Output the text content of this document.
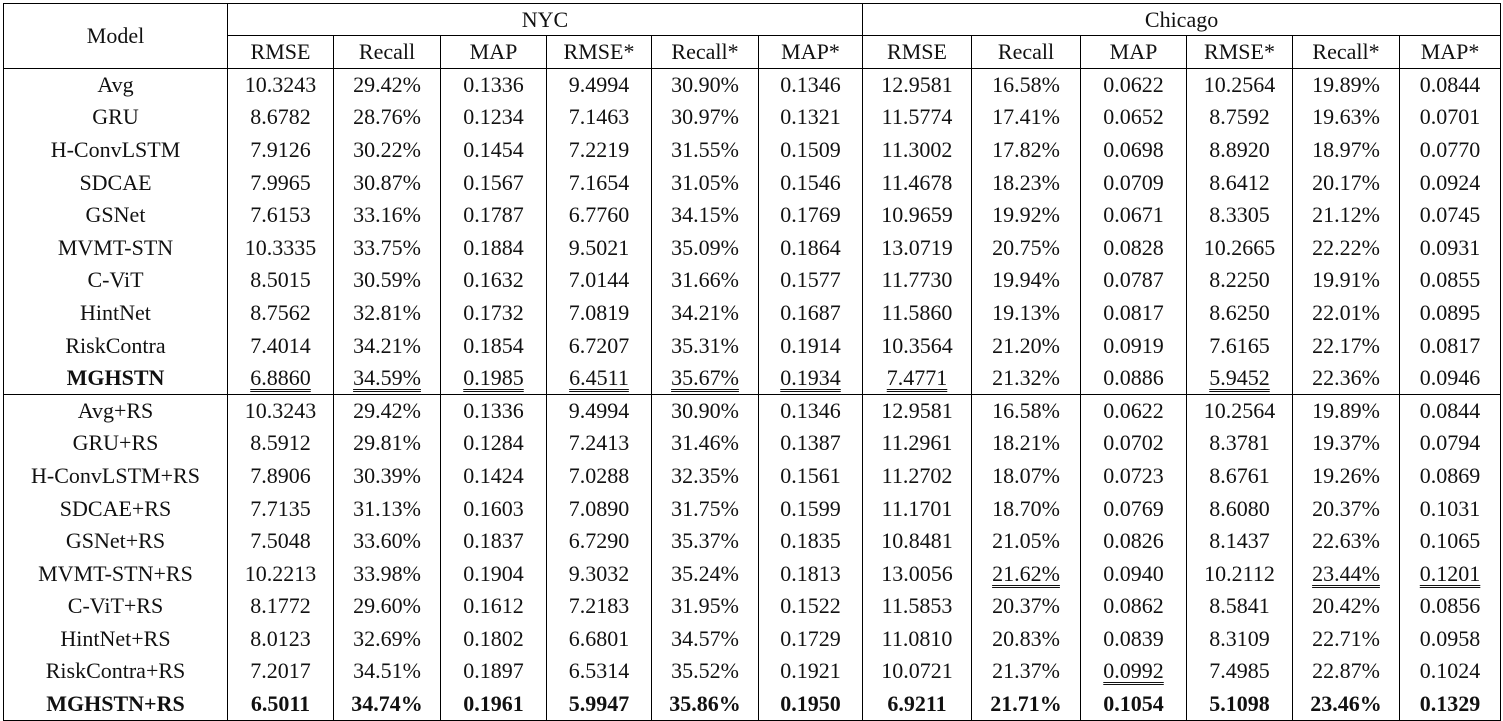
Model	NYC						Chicago					
	RMSE	Recall	MAP	RMSE*	Recall*	MAP*	RMSE	Recall	MAP	RMSE*	Recall*	MAP*
Avg	10.3243	29.42%	0.1336	9.4994	30.90%	0.1346	12.9581	16.58%	0.0622	10.2564	19.89%	0.0844
GRU	8.6782	28.76%	0.1234	7.1463	30.97%	0.1321	11.5774	17.41%	0.0652	8.7592	19.63%	0.0701
H-ConvLSTM	7.9126	30.22%	0.1454	7.2219	31.55%	0.1509	11.3002	17.82%	0.0698	8.8920	18.97%	0.0770
SDCAE	7.9965	30.87%	0.1567	7.1654	31.05%	0.1546	11.4678	18.23%	0.0709	8.6412	20.17%	0.0924
GSNet	7.6153	33.16%	0.1787	6.7760	34.15%	0.1769	10.9659	19.92%	0.0671	8.3305	21.12%	0.0745
MVMT-STN	10.3335	33.75%	0.1884	9.5021	35.09%	0.1864	13.0719	20.75%	0.0828	10.2665	22.22%	0.0931
C-ViT	8.5015	30.59%	0.1632	7.0144	31.66%	0.1577	11.7730	19.94%	0.0787	8.2250	19.91%	0.0855
HintNet	8.7562	32.81%	0.1732	7.0819	34.21%	0.1687	11.5860	19.13%	0.0817	8.6250	22.01%	0.0895
RiskContra	7.4014	34.21%	0.1854	6.7207	35.31%	0.1914	10.3564	21.20%	0.0919	7.6165	22.17%	0.0817
MGHSTN	6.8860	34.59%	0.1985	6.4511	35.67%	0.1934	7.4771	21.32%	0.0886	5.9452	22.36%	0.0946
Avg+RS	10.3243	29.42%	0.1336	9.4994	30.90%	0.1346	12.9581	16.58%	0.0622	10.2564	19.89%	0.0844
GRU+RS	8.5912	29.81%	0.1284	7.2413	31.46%	0.1387	11.2961	18.21%	0.0702	8.3781	19.37%	0.0794
H-ConvLSTM+RS	7.8906	30.39%	0.1424	7.0288	32.35%	0.1561	11.2702	18.07%	0.0723	8.6761	19.26%	0.0869
SDCAE+RS	7.7135	31.13%	0.1603	7.0890	31.75%	0.1599	11.1701	18.70%	0.0769	8.6080	20.37%	0.1031
GSNet+RS	7.5048	33.60%	0.1837	6.7290	35.37%	0.1835	10.8481	21.05%	0.0826	8.1437	22.63%	0.1065
MVMT-STN+RS	10.2213	33.98%	0.1904	9.3032	35.24%	0.1813	13.0056	21.62%	0.0940	10.2112	23.44%	0.1201
C-ViT+RS	8.1772	29.60%	0.1612	7.2183	31.95%	0.1522	11.5853	20.37%	0.0862	8.5841	20.42%	0.0856
HintNet+RS	8.0123	32.69%	0.1802	6.6801	34.57%	0.1729	11.0810	20.83%	0.0839	8.3109	22.71%	0.0958
RiskContra+RS	7.2017	34.51%	0.1897	6.5314	35.52%	0.1921	10.0721	21.37%	0.0992	7.4985	22.87%	0.1024
MGHSTN+RS	6.5011	34.74%	0.1961	5.9947	35.86%	0.1950	6.9211	21.71%	0.1054	5.1098	23.46%	0.1329
